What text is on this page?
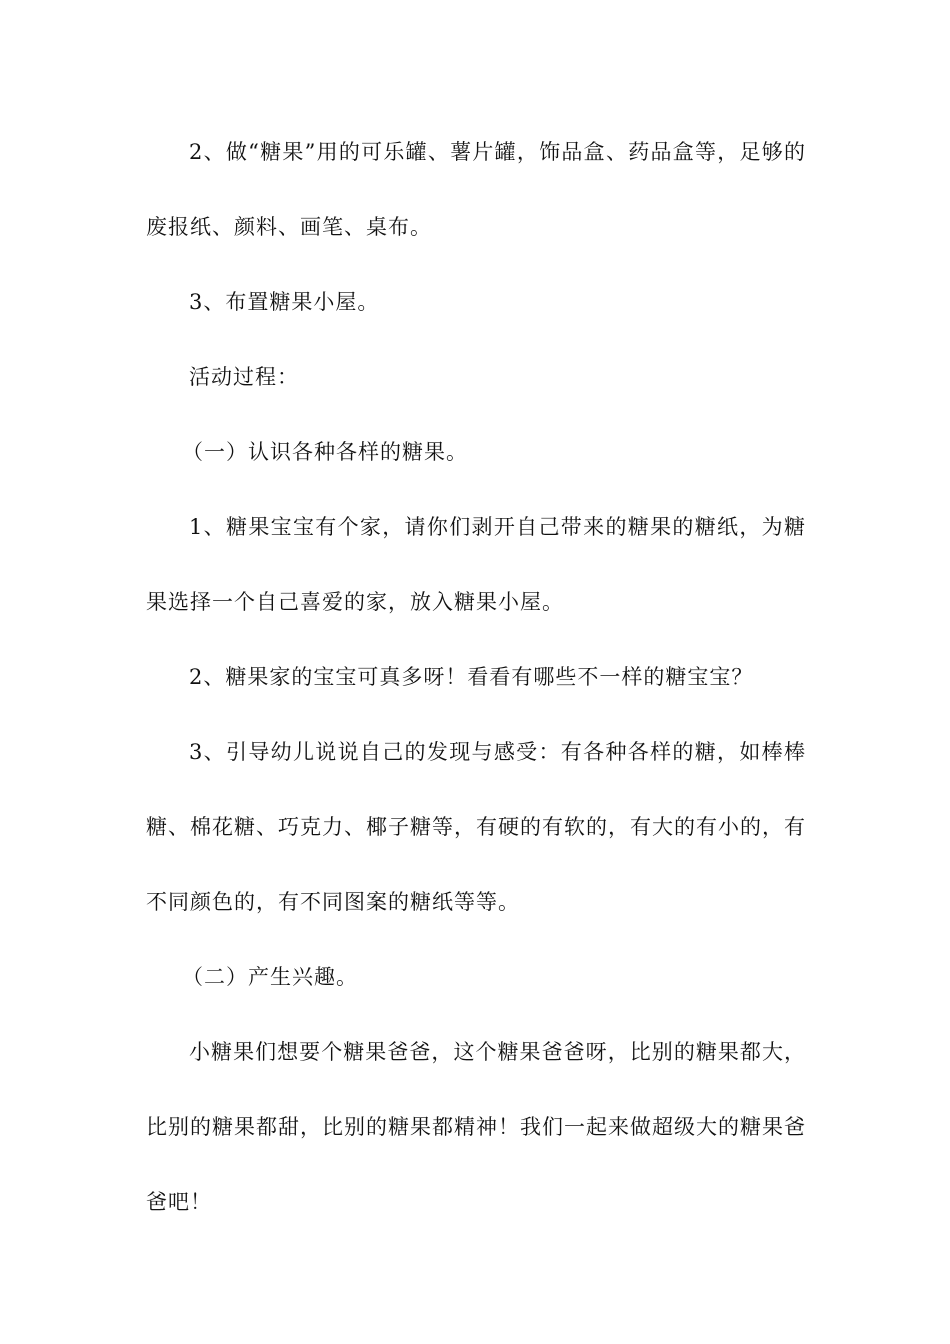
2、做“糖果”用的可乐罐、薯片罐，饰品盒、药品盒等，足够的废报纸、颜料、画笔、桌布。

3、布置糖果小屋。

活动过程：

（一）认识各种各样的糖果。

1、糖果宝宝有个家，请你们剥开自己带来的糖果的糖纸，为糖果选择一个自己喜爱的家，放入糖果小屋。

2、糖果家的宝宝可真多呀！看看有哪些不一样的糖宝宝？

3、引导幼儿说说自己的发现与感受：有各种各样的糖，如棒棒糖、棉花糖、巧克力、椰子糖等，有硬的有软的，有大的有小的，有不同颜色的，有不同图案的糖纸等等。

（二）产生兴趣。

小糖果们想要个糖果爸爸，这个糖果爸爸呀，比别的糖果都大，比别的糖果都甜，比别的糖果都精神！我们一起来做超级大的糖果爸爸吧！
